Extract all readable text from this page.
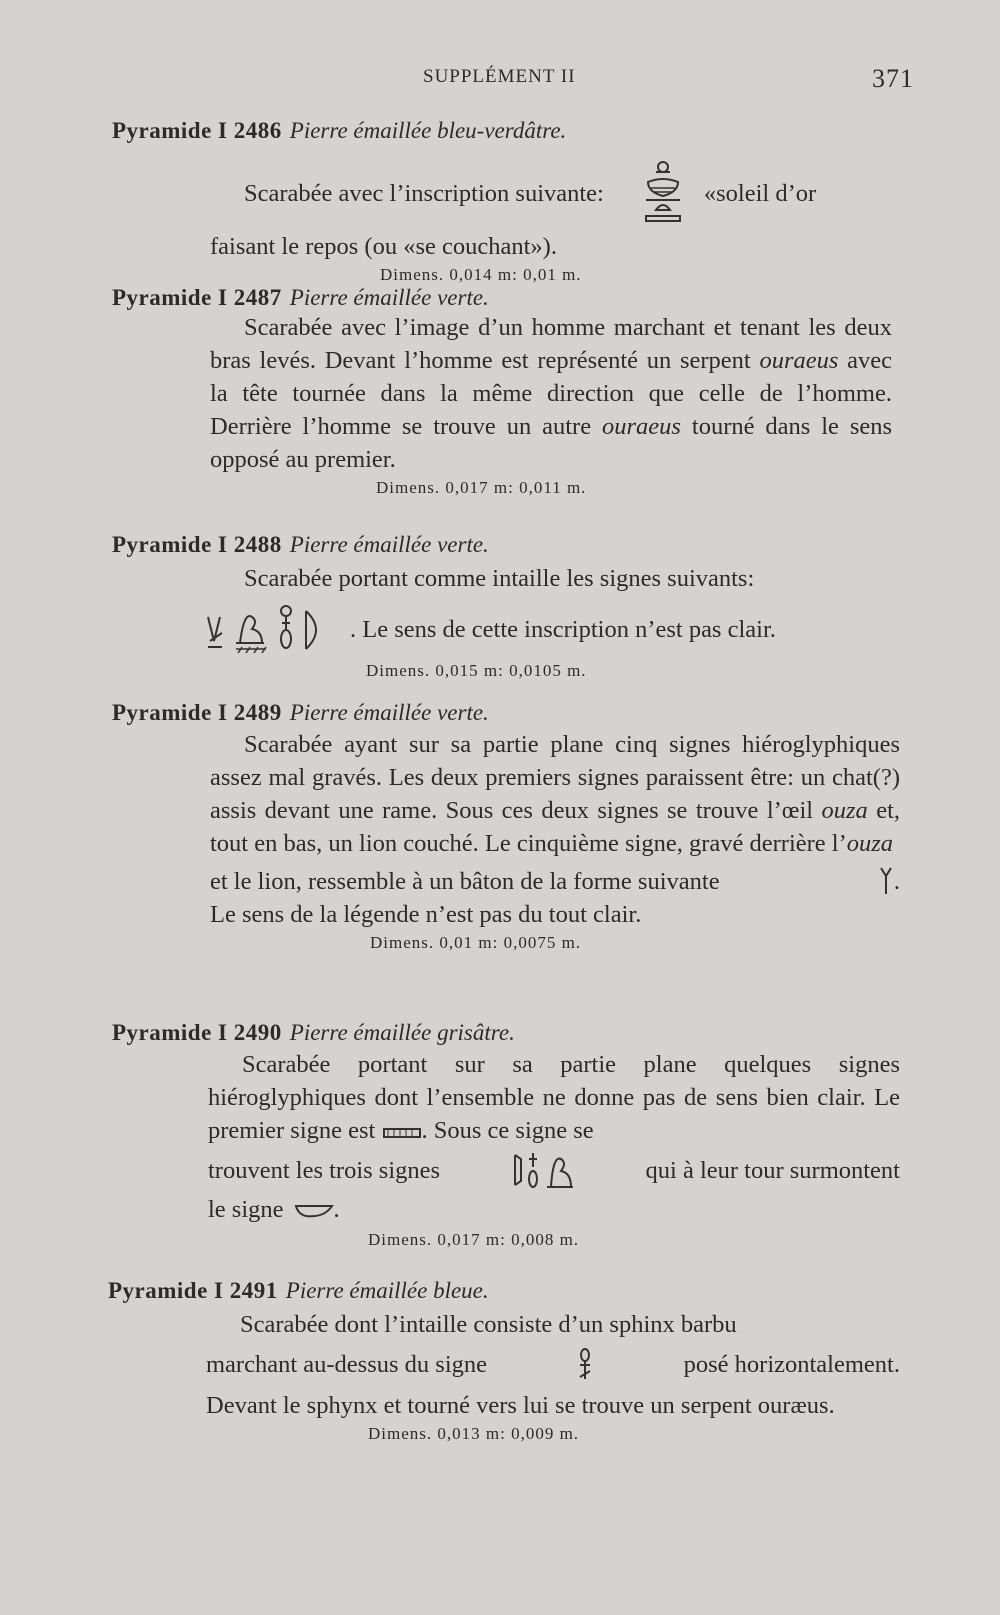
SUPPLÉMENT II	371
Pyramide I 2486 Pierre émaillée bleu-verdâtre.
Scarabée avec l’inscription suivante:	«soleil d’or
faisant le repos (ou «se couchant»).
Dimens. 0,014 m: 0,01 m.
Pyramide I 2487 Pierre émaillée verte.

Scarabée avec l’image d’un homme marchant et tenant les deux bras levés. Devant l’homme est représenté un serpent ouraeus avec la tête tournée dans la même direction que celle de l’homme. Derrière l’homme se trouve un autre ouraeus tourné dans le sens opposé au premier.

Dimens. 0,017 m: 0,011 m.
Pyramide I 2488 Pierre émaillée verte.

Scarabée portant comme intaille les signes suivants:

. Le sens de cette inscription n’est pas clair.
Dimens. 0,015 m: 0,0105 m.
Pyramide I 2489 Pierre émaillée verte.

Scarabée ayant sur sa partie plane cinq signes hiéroglyphiques assez mal gravés. Les deux premiers signes paraissent être: un chat(?) assis devant une rame. Sous ces deux signes se trouve l’œil ouza et, tout en bas, un lion couché. Le cinquième signe, gravé derrière l’ouza

et le lion, ressemble à un bâton de la forme suivante	.
Le sens de la légende n’est pas du tout clair.
Dimens. 0,01 m: 0,0075 m.
Pyramide I 2490 Pierre émaillée grisâtre.

Scarabée portant sur sa partie plane quelques signes hiéroglyphiques dont l’ensemble ne donne pas de sens bien clair. Le premier signe est . Sous ce signe se

trouvent les trois signes	qui à leur tour surmontent
le signe .
Dimens. 0,017 m: 0,008 m.
Pyramide I 2491 Pierre émaillée bleue.

Scarabée dont l’intaille consiste d’un sphinx barbu

marchant au-dessus du signe	posé horizontalement.

Devant le sphynx et tourné vers lui se trouve un serpent ouræus.

Dimens. 0,013 m: 0,009 m.
